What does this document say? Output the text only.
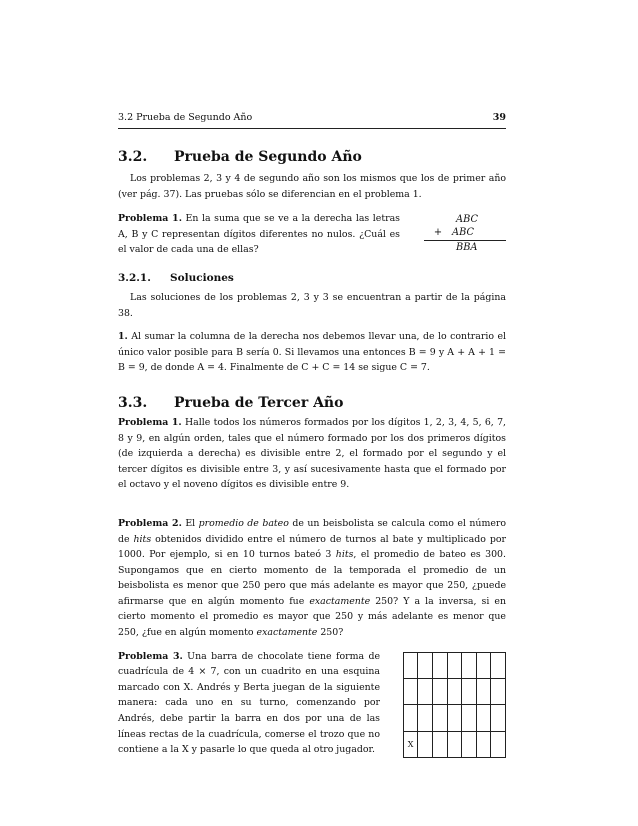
3.2 Prueba de Segundo Año	39
3.2.	Prueba de Segundo Año

Los problemas 2, 3 y 4 de segundo año son los mismos que los de primer año (ver pág. 37). Las pruebas sólo se diferencian en el problema 1.

Problema 1. En la suma que se ve a la derecha las letras A, B y C representan dígitos diferentes no nulos. ¿Cuál es el valor de cada una de ellas?

ABC
+	ABC
BBA
3.2.1.	Soluciones

Las soluciones de los problemas 2, 3 y 3 se encuentran a partir de la página 38.

1. Al sumar la columna de la derecha nos debemos llevar una, de lo contrario el único valor posible para B sería 0. Si llevamos una entonces B = 9 y A + A + 1 = B = 9, de donde A = 4. Finalmente de C + C = 14 se sigue C = 7.

3.3.	Prueba de Tercer Año

Problema 1. Halle todos los números formados por los dígitos 1, 2, 3, 4, 5, 6, 7, 8 y 9, en algún orden, tales que el número formado por los dos primeros dígitos (de izquierda a derecha) es divisible entre 2, el formado por el segundo y el tercer dígitos es divisible entre 3, y así sucesivamente hasta que el formado por el octavo y el noveno dígitos es divisible entre 9.

Problema 2. El promedio de bateo de un beisbolista se calcula como el número de hits obtenidos dividido entre el número de turnos al bate y multiplicado por 1000. Por ejemplo, si en 10 turnos bateó 3 hits, el promedio de bateo es 300. Supongamos que en cierto momento de la temporada el promedio de un beisbolista es menor que 250 pero que más adelante es mayor que 250, ¿puede afirmarse que en algún momento fue exactamente 250? Y a la inversa, si en cierto momento el promedio es mayor que 250 y más adelante es menor que 250, ¿fue en algún momento exactamente 250?

Problema 3. Una barra de chocolate tiene forma de cuadrícula de 4 × 7, con un cuadrito en una esquina marcado con X. Andrés y Berta juegan de la siguiente manera: cada uno en su turno, comenzando por Andrés, debe partir la barra en dos por una de las líneas rectas de la cuadrícula, comerse el trozo que no contiene a la X y pasarle lo que queda al otro jugador.

X						
